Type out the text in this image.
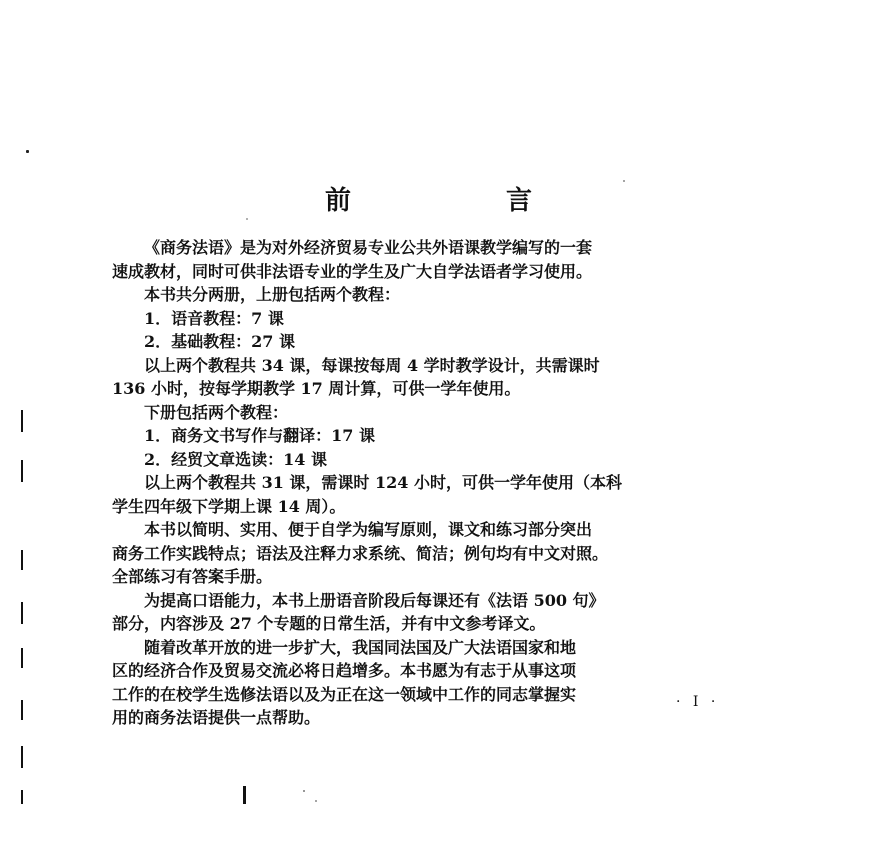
前	言
《商务法语》是为对外经济贸易专业公共外语课教学编写的一套
速成教材，同时可供非法语专业的学生及广大自学法语者学习使用。
本书共分两册，上册包括两个教程：
1．语音教程：7 课
2．基础教程：27 课
以上两个教程共 34 课，每课按每周 4 学时教学设计，共需课时
136 小时，按每学期教学 17 周计算，可供一学年使用。
下册包括两个教程：
1．商务文书写作与翻译：17 课
2．经贸文章选读：14 课
以上两个教程共 31 课，需课时 124 小时，可供一学年使用（本科
学生四年级下学期上课 14 周）。
本书以简明、实用、便于自学为编写原则，课文和练习部分突出
商务工作实践特点；语法及注释力求系统、简洁；例句均有中文对照。
全部练习有答案手册。
为提高口语能力，本书上册语音阶段后每课还有《法语 500 句》
部分，内容涉及 27 个专题的日常生活，并有中文参考译文。
随着改革开放的进一步扩大，我国同法国及广大法语国家和地
区的经济合作及贸易交流必将日趋增多。本书愿为有志于从事这项
工作的在校学生选修法语以及为正在这一领域中工作的同志掌握实
用的商务法语提供一点帮助。
· I ·
